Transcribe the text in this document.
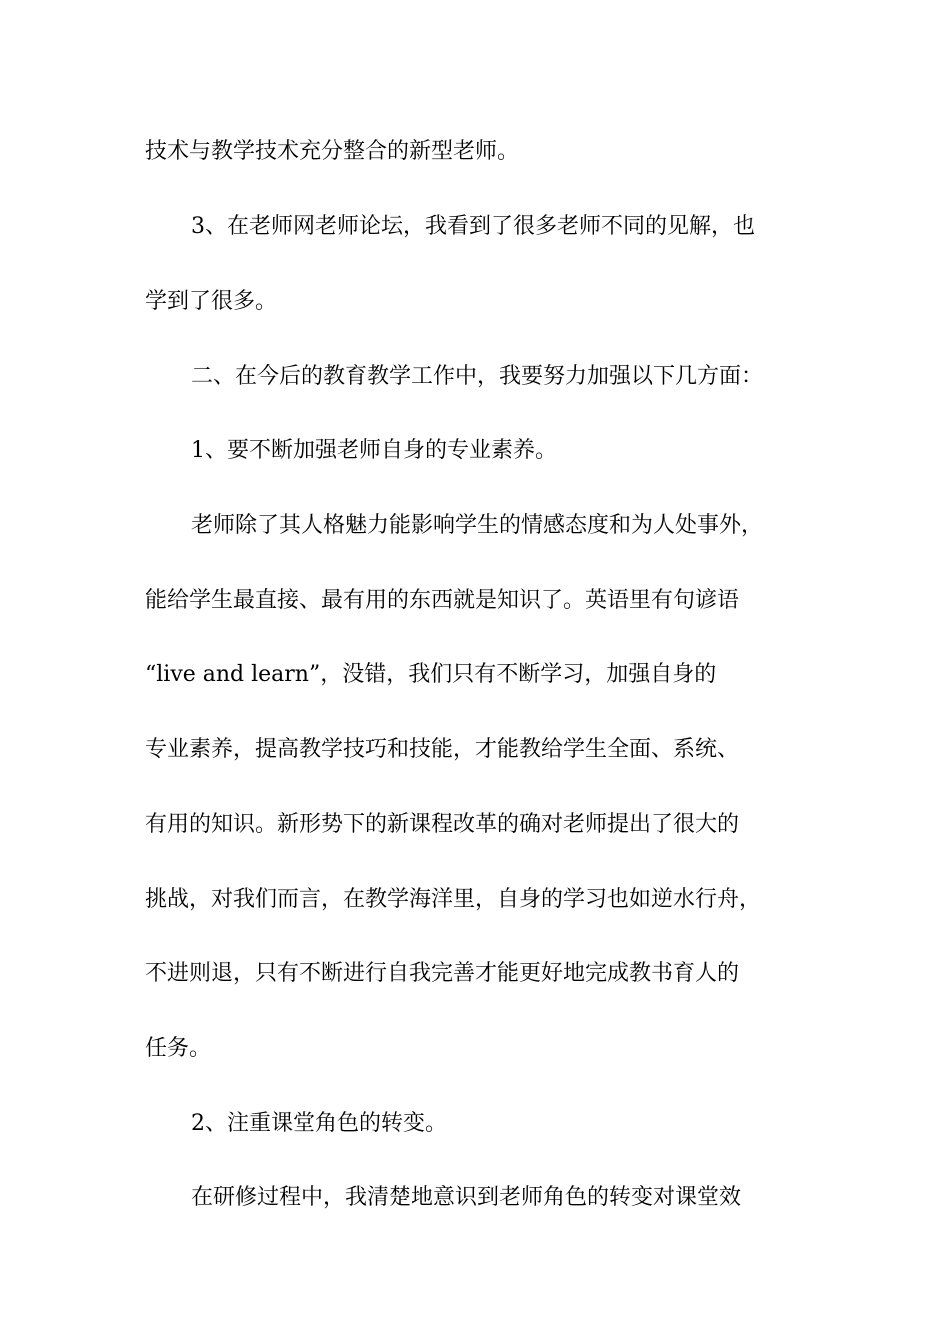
技术与教学技术充分整合的新型老师。
3、在老师网老师论坛，我看到了很多老师不同的见解，也
学到了很多。
二、在今后的教育教学工作中，我要努力加强以下几方面：
1、要不断加强老师自身的专业素养。
老师除了其人格魅力能影响学生的情感态度和为人处事外，
能给学生最直接、最有用的东西就是知识了。英语里有句谚语
“live and learn”，没错，我们只有不断学习，加强自身的
专业素养，提高教学技巧和技能，才能教给学生全面、系统、
有用的知识。新形势下的新课程改革的确对老师提出了很大的
挑战，对我们而言，在教学海洋里，自身的学习也如逆水行舟，
不进则退，只有不断进行自我完善才能更好地完成教书育人的
任务。
2、注重课堂角色的转变。
在研修过程中，我清楚地意识到老师角色的转变对课堂效
